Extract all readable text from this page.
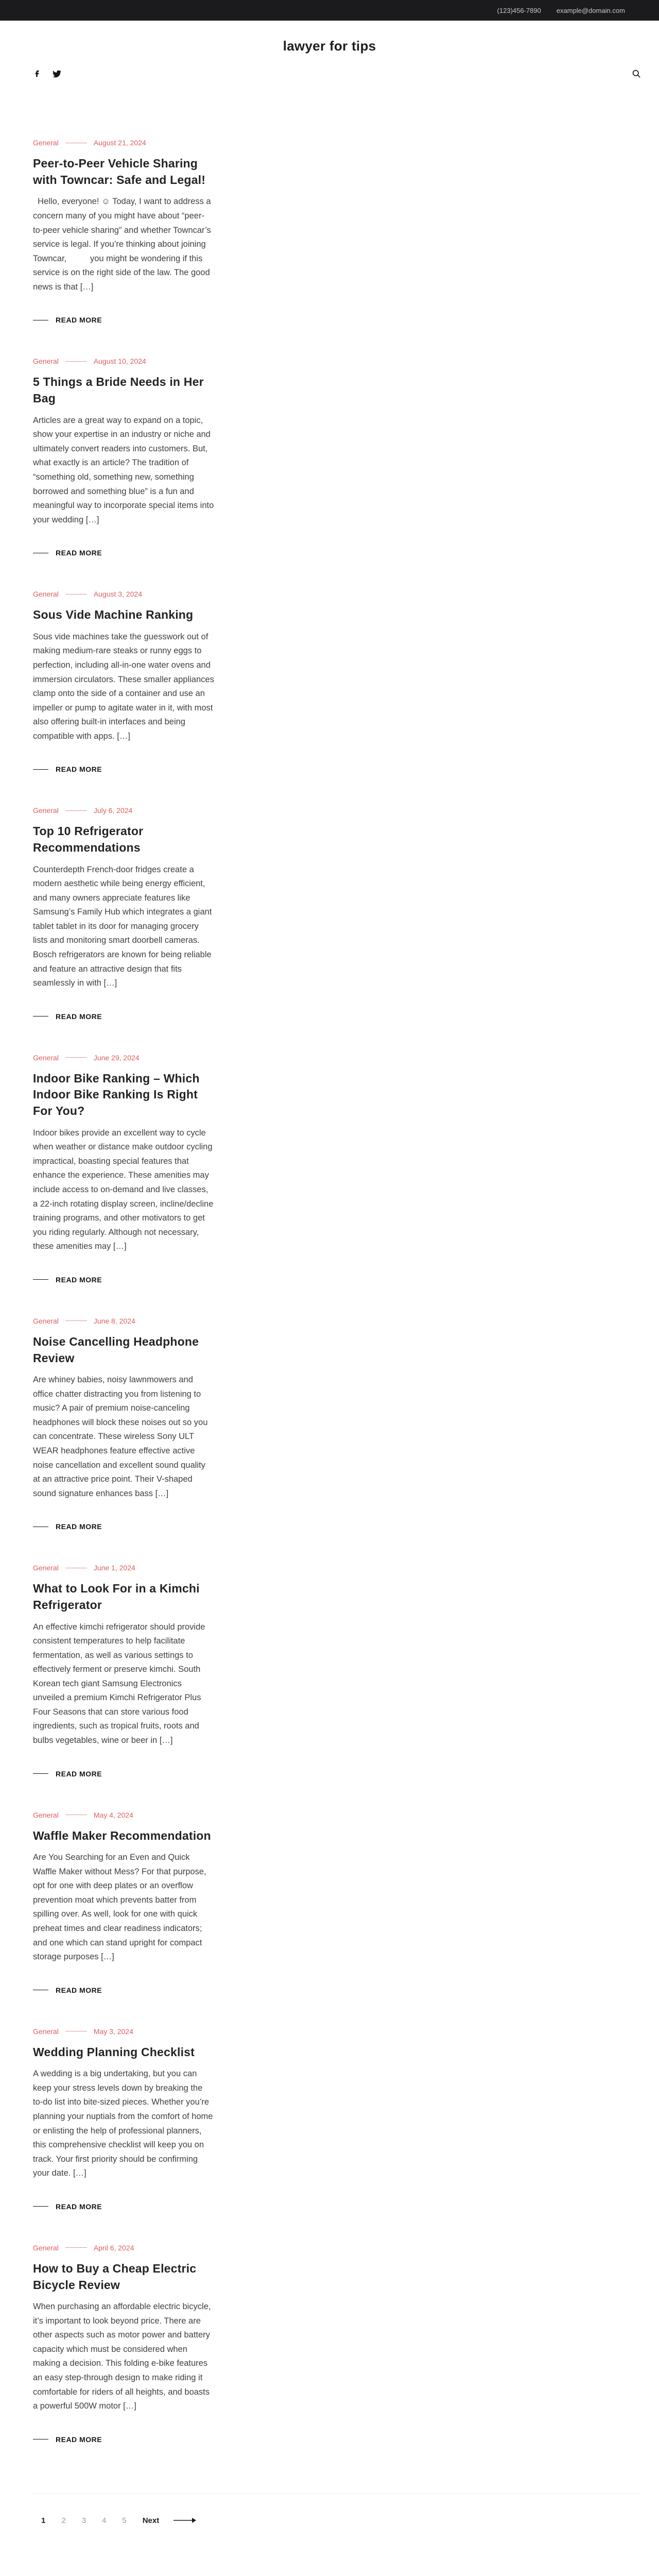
(123)456-7890 example@domain.com
lawyer for tips
General	August 21, 2024
Peer-to-Peer Vehicle Sharing with Towncar: Safe and Legal!

Hello, everyone! ☺ Today, I want to address a concern many of you might have about “peer-to-peer vehicle sharing” and whether Towncar’s service is legal. If you’re thinking about joining Towncar,          you might be wondering if this service is on the right side of the law. The good news is that […]

READ MORE
General	August 10, 2024
5 Things a Bride Needs in Her Bag

Articles are a great way to expand on a topic, show your expertise in an industry or niche and ultimately convert readers into customers. But, what exactly is an article? The tradition of “something old, something new, something borrowed and something blue” is a fun and meaningful way to incorporate special items into your wedding […]

READ MORE
General	August 3, 2024
Sous Vide Machine Ranking

Sous vide machines take the guesswork out of making medium-rare steaks or runny eggs to perfection, including all-in-one water ovens and immersion circulators. These smaller appliances clamp onto the side of a container and use an impeller or pump to agitate water in it, with most also offering built-in interfaces and being compatible with apps. […]

READ MORE
General	July 6, 2024
Top 10 Refrigerator Recommendations

Counterdepth French-door fridges create a modern aesthetic while being energy efficient, and many owners appreciate features like Samsung’s Family Hub which integrates a giant tablet tablet in its door for managing grocery lists and monitoring smart doorbell cameras. Bosch refrigerators are known for being reliable and feature an attractive design that fits seamlessly in with […]

READ MORE
General	June 29, 2024
Indoor Bike Ranking – Which Indoor Bike Ranking Is Right For You?

Indoor bikes provide an excellent way to cycle when weather or distance make outdoor cycling impractical, boasting special features that enhance the experience. These amenities may include access to on-demand and live classes, a 22-inch rotating display screen, incline/decline training programs, and other motivators to get you riding regularly. Although not necessary, these amenities may […]

READ MORE
General	June 8, 2024
Noise Cancelling Headphone Review

Are whiney babies, noisy lawnmowers and office chatter distracting you from listening to music? A pair of premium noise-canceling headphones will block these noises out so you can concentrate. These wireless Sony ULT WEAR headphones feature effective active noise cancellation and excellent sound quality at an attractive price point. Their V-shaped sound signature enhances bass […]

READ MORE
General	June 1, 2024
What to Look For in a Kimchi Refrigerator

An effective kimchi refrigerator should provide consistent temperatures to help facilitate fermentation, as well as various settings to effectively ferment or preserve kimchi. South Korean tech giant Samsung Electronics unveiled a premium Kimchi Refrigerator Plus Four Seasons that can store various food ingredients, such as tropical fruits, roots and bulbs vegetables, wine or beer in […]

READ MORE
General	May 4, 2024
Waffle Maker Recommendation

Are You Searching for an Even and Quick Waffle Maker without Mess? For that purpose, opt for one with deep plates or an overflow prevention moat which prevents batter from spilling over. As well, look for one with quick preheat times and clear readiness indicators; and one which can stand upright for compact storage purposes […]

READ MORE
General	May 3, 2024
Wedding Planning Checklist

A wedding is a big undertaking, but you can keep your stress levels down by breaking the to-do list into bite-sized pieces. Whether you’re planning your nuptials from the comfort of home or enlisting the help of professional planners, this comprehensive checklist will keep you on track. Your first priority should be confirming your date. […]

READ MORE
General	April 6, 2024
How to Buy a Cheap Electric Bicycle Review

When purchasing an affordable electric bicycle, it’s important to look beyond price. There are other aspects such as motor power and battery capacity which must be considered when making a decision. This folding e-bike features an easy step-through design to make riding it comfortable for riders of all heights, and boasts a powerful 500W motor […]

READ MORE
1 2 3 4 5 Next
